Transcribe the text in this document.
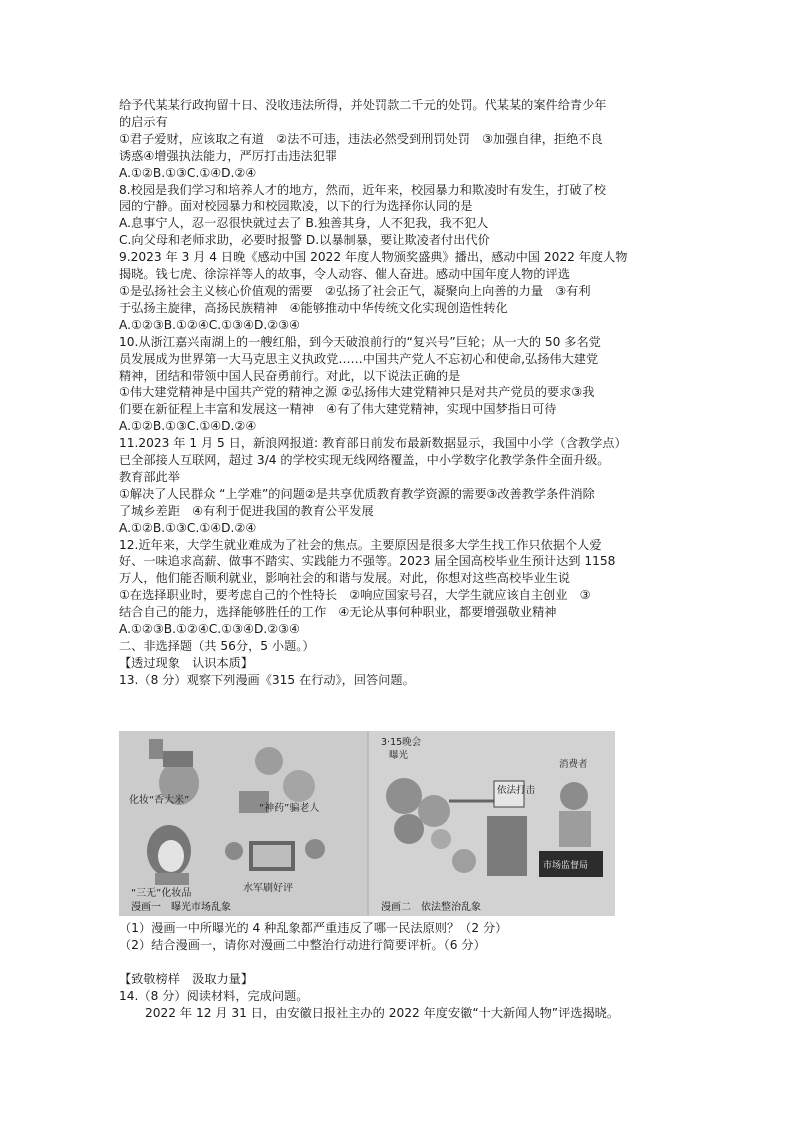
给予代某某行政拘留十日、没收违法所得，并处罚款二千元的处罚。代某某的案件给青少年

的启示有

①君子爱财，应该取之有道　②法不可违，违法必然受到刑罚处罚　③加强自律，拒绝不良

诱惑④增强执法能力，严厉打击违法犯罪

A.①②B.①③C.①④D.②④

8.校园是我们学习和培养人才的地方，然而，近年来，校园暴力和欺凌时有发生，打破了校

园的宁静。面对校园暴力和校园欺凌，以下的行为选择你认同的是

A.息事宁人，忍一忍很快就过去了 B.独善其身，人不犯我，我不犯人

C.向父母和老师求助，必要时报警 D.以暴制暴，要让欺凌者付出代价

9.2023 年 3 月 4 日晚《感动中国 2022 年度人物颁奖盛典》播出，感动中国 2022 年度人物

揭晓。钱七虎、徐淙祥等人的故事，令人动容、催人奋进。感动中国年度人物的评选

①是弘扬社会主义核心价值观的需要　②弘扬了社会正气，凝聚向上向善的力量　③有利

于弘扬主旋律，高扬民族精神　④能够推动中华传统文化实现创造性转化

A.①②③B.①②④C.①③④D.②③④

10.从浙江嘉兴南湖上的一艘红船，到今天破浪前行的“复兴号”巨轮；从一大的 50 多名党

员发展成为世界第一大马克思主义执政党……中国共产党人不忘初心和使命,弘扬伟大建党

精神，团结和带领中国人民奋勇前行。对此，以下说法正确的是

①伟大建党精神是中国共产党的精神之源 ②弘扬伟大建党精神只是对共产党员的要求③我

们要在新征程上丰富和发展这一精神　④有了伟大建党精神，实现中国梦指日可待

A.①②B.①③C.①④D.②④

11.2023 年 1 月 5 日，新浪网报道: 教育部日前发布最新数据显示，我国中小学（含教学点）

已全部接人互联网，超过 3/4 的学校实现无线网络覆盖，中小学数字化教学条件全面升级。

教育部此举

①解决了人民群众 “上学难”的问题②是共享优质教育教学资源的需要③改善教学条件消除

了城乡差距　④有利于促进我国的教育公平发展

A.①②B.①③C.①④D.②④

12.近年来，大学生就业难成为了社会的焦点。主要原因是很多大学生找工作只依据个人爱

好、一味追求高薪、做事不踏实、实践能力不强等。2023 届全国高校毕业生预计达到 1158

万人，他们能否顺利就业，影响社会的和谐与发展。对此，你想对这些高校毕业生说

①在选择职业时，要考虑自己的个性特长　②响应国家号召，大学生就应该自主创业　③

结合自己的能力，选择能够胜任的工作　④无论从事何种职业，都要增强敬业精神

A.①②③B.①②④C.①③④D.②③④

二、非选择题（共 56分，5 小题。）

【透过现象　认识本质】

13.（8 分）观察下列漫画《315 在行动》，回答问题。

化妆“香大米”
“神药”骗老人
“三无”化妆品	水军刷好评
漫画一　曝光市场乱象
3·15晚会
曝光
依法打击
消费者
市场监督局
漫画二　依法整治乱象

（1）漫画一中所曝光的 4 种乱象都严重违反了哪一民法原则？（2 分）

（2）结合漫画一，请你对漫画二中整治行动进行简要评析。（6 分）

【致敬榜样　汲取力量】

14.（8 分）阅读材料，完成问题。

2022 年 12 月 31 日，由安徽日报社主办的 2022 年度安徽“十大新闻人物”评选揭晓。
